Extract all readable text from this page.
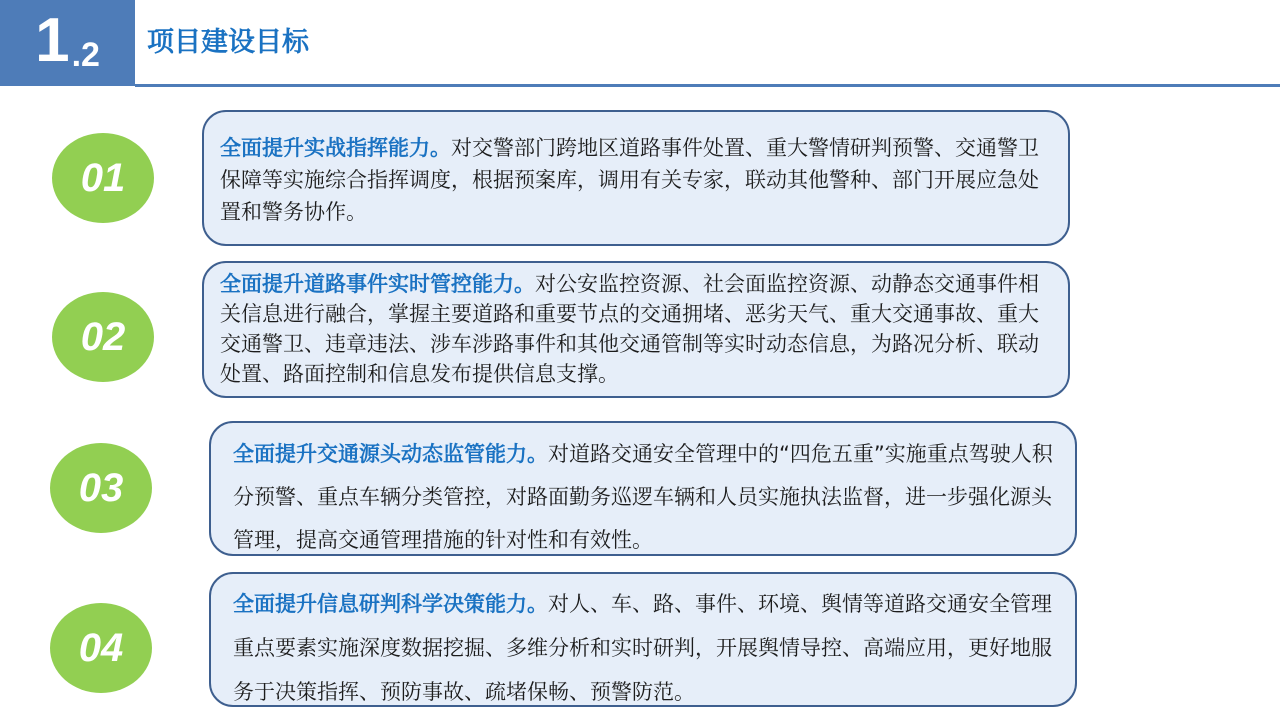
1 .2 项目建设目标
01

全面提升实战指挥能力。对交警部门跨地区道路事件处置、重大警情研判预警、交通警卫保障等实施综合指挥调度，根据预案库，调用有关专家，联动其他警种、部门开展应急处置和警务协作。

02

全面提升道路事件实时管控能力。对公安监控资源、社会面监控资源、动静态交通事件相关信息进行融合，掌握主要道路和重要节点的交通拥堵、恶劣天气、重大交通事故、重大交通警卫、违章违法、涉车涉路事件和其他交通管制等实时动态信息，为路况分析、联动处置、路面控制和信息发布提供信息支撑。

03

全面提升交通源头动态监管能力。对道路交通安全管理中的“四危五重”实施重点驾驶人积分预警、重点车辆分类管控，对路面勤务巡逻车辆和人员实施执法监督，进一步强化源头管理，提高交通管理措施的针对性和有效性。

04

全面提升信息研判科学决策能力。对人、车、路、事件、环境、舆情等道路交通安全管理重点要素实施深度数据挖掘、多维分析和实时研判，开展舆情导控、高端应用，更好地服务于决策指挥、预防事故、疏堵保畅、预警防范。
